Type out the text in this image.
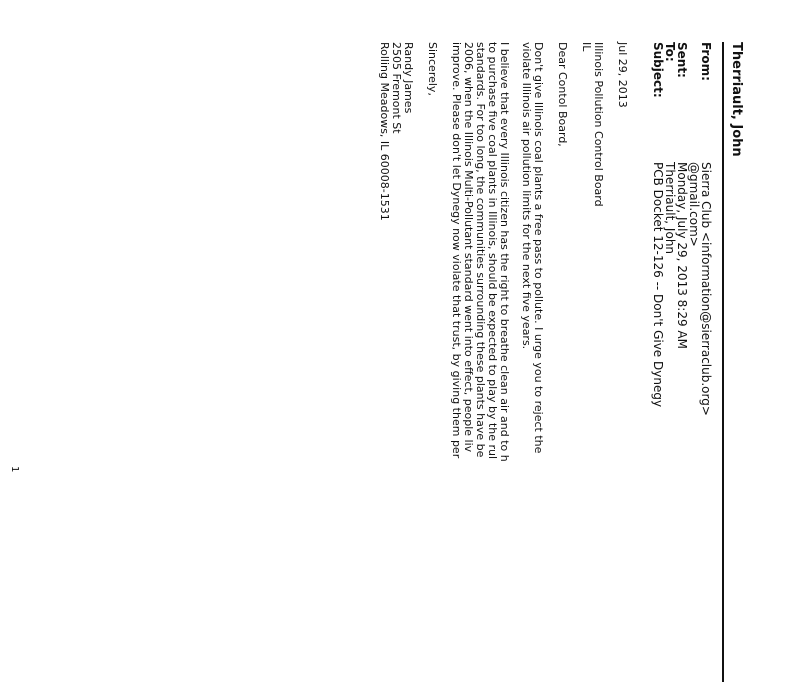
Therriault, John
From:
Sierra Club <information@sierraclub.org>
@gmail.com>
Sent:
Monday, July 29, 2013 8:29 AM
To:
Therriault, John
Subject:
PCB Docket 12-126 -- Don't Give Dynegy
Jul 29, 2013
Illinois Pollution Control Board
IL
Dear Contol Board,
Don't give Illinois coal plants a free pass to pollute. I urge you to reject the
violate Illinois air pollution limits for the next five years.
I believe that every Illinois citizen has the right to breathe clean air and to h
to purchase five coal plants in Illinois, should be expected to play by the rul
standards. For too long, the communities surrounding these plants have be
2006, when the Illinois Multi-Pollutant standard went into effect, people liv
improve. Please don't let Dynegy now violate that trust, by giving them per
Sincerely,
Randy James
2505 Fremont St
Rolling Meadows, IL 60008-1531
1
